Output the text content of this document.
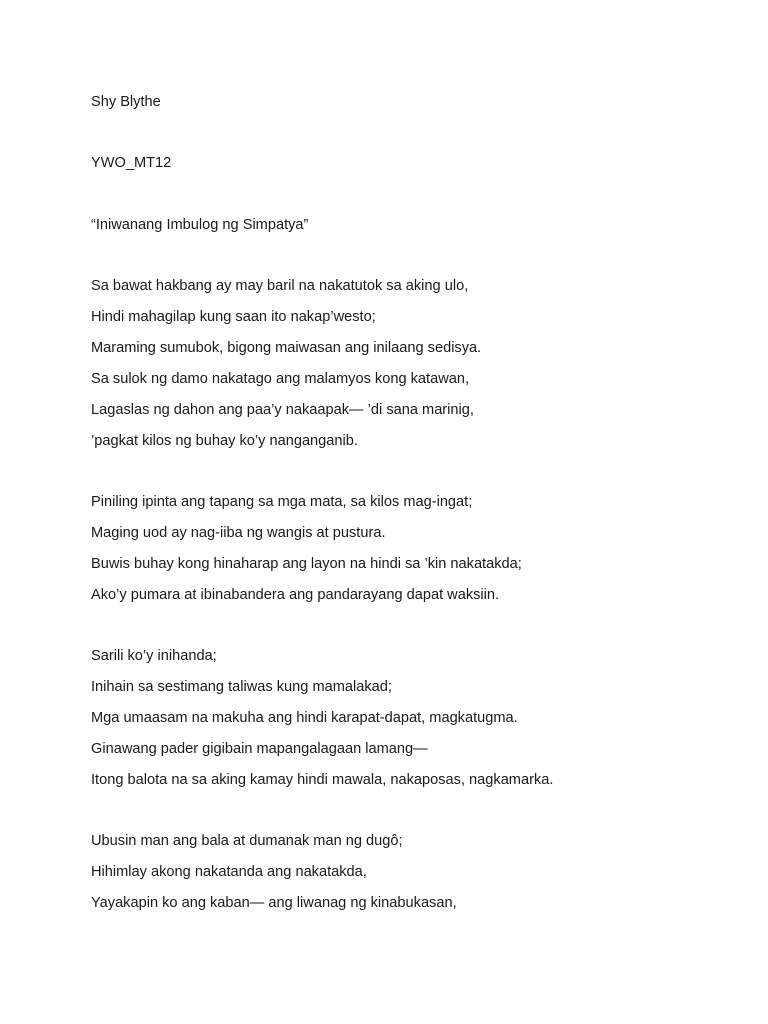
Shy Blythe
YWO_MT12
“Iniwanang Imbulog ng Simpatya”
Sa bawat hakbang ay may baril na nakatutok sa aking ulo,
Hindi mahagilap kung saan ito nakap’westo;
Maraming sumubok, bigong maiwasan ang inilaang sedisya.
Sa sulok ng damo nakatago ang malamyos kong katawan,
Lagaslas ng dahon ang paa’y nakaapak— ’di sana marinig,
’pagkat kilos ng buhay ko’y nanganganib.
Piniling ipinta ang tapang sa mga mata, sa kilos mag-ingat;
Maging uod ay nag-iiba ng wangis at pustura.
Buwis buhay kong hinaharap ang layon na hindi sa ’kin nakatakda;
Ako’y pumara at ibinabandera ang pandarayang dapat waksiin.
Sarili ko’y inihanda;
Inihain sa sestimang taliwas kung mamalakad;
Mga umaasam na makuha ang hindi karapat-dapat, magkatugma.
Ginawang pader gigibain mapangalagaan lamang—
Itong balota na sa aking kamay hindi mawala, nakaposas, nagkamarka.
Ubusin man ang bala at dumanak man ng dugô;
Hihimlay akong nakatanda ang nakatakda,
Yayakapin ko ang kaban— ang liwanag ng kinabukasan,
